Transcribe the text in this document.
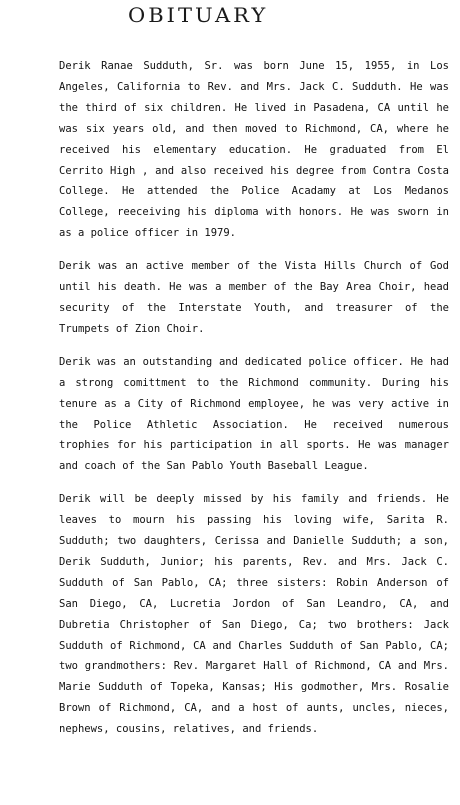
OBITUARY

Derik Ranae Sudduth, Sr. was born June 15, 1955, in Los Angeles, California to Rev. and Mrs. Jack C. Sudduth. He was the third of six children. He lived in Pasadena, CA until he was six years old, and then moved to Richmond, CA, where he received his elementary education. He graduated from El Cerrito High , and also received his degree from Contra Costa College. He attended the Police Acadamy at Los Medanos College, reeceiving his diploma with honors. He was sworn in as a police officer in 1979.

Derik was an active member of the Vista Hills Church of God until his death. He was a member of the Bay Area Choir, head security of the Interstate Youth, and treasurer of the Trumpets of Zion Choir.

Derik was an outstanding and dedicated police officer. He had a strong comittment to the Richmond community. During his tenure as a City of Richmond employee, he was very active in the Police Athletic Association. He received numerous trophies for his participation in all sports. He was manager and coach of the San Pablo Youth Baseball League.

Derik will be deeply missed by his family and friends. He leaves to mourn his passing his loving wife, Sarita R. Sudduth; two daughters, Cerissa and Danielle Sudduth; a son, Derik Sudduth, Junior; his parents, Rev. and Mrs. Jack C. Sudduth of San Pablo, CA; three sisters: Robin Anderson of San Diego, CA, Lucretia Jordon of San Leandro, CA, and Dubretia Christopher of San Diego, Ca; two brothers: Jack Sudduth of Richmond, CA and Charles Sudduth of San Pablo, CA; two grandmothers: Rev. Margaret Hall of Richmond, CA and Mrs. Marie Sudduth of Topeka, Kansas; His godmother, Mrs. Rosalie Brown of Richmond, CA, and a host of aunts, uncles, nieces, nephews, cousins, relatives, and friends.
